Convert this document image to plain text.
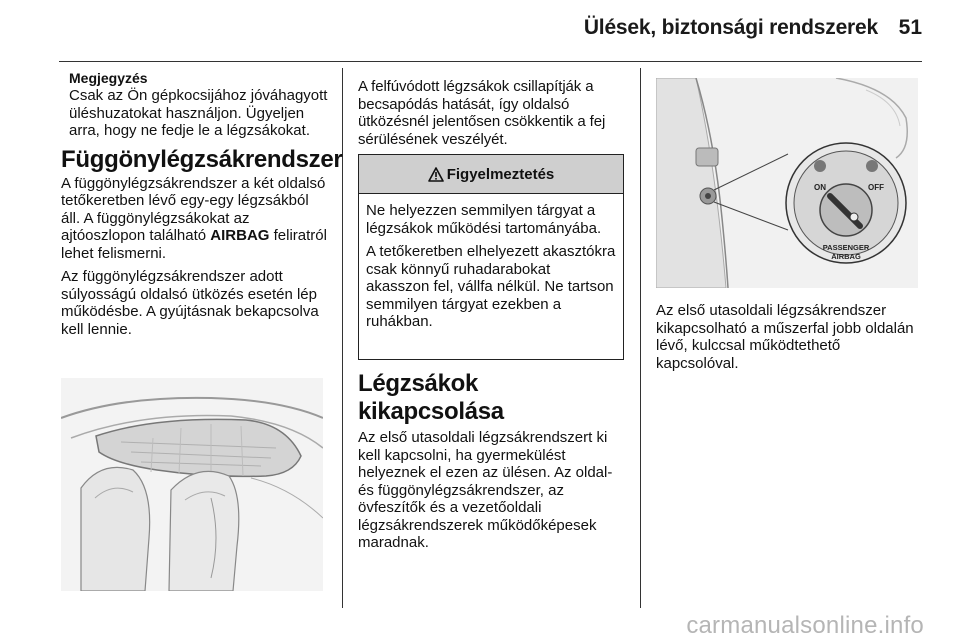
Ülések, biztonsági rendszerek 51
Megjegyzés
Csak az Ön gépkocsijához jóváhagyott üléshuzatokat használjon. Ügyeljen arra, hogy ne fedje le a légzsákokat.
Függönylégzsákrendszer

A függönylégzsákrendszer a két oldalsó tetőkeretben lévő egy-egy légzsákból áll. A függönylégzsákokat az ajtóoszlopon található AIRBAG feliratról lehet felismerni.

Az függönylégzsákrendszer adott súlyosságú oldalsó ütközés esetén lép működésbe. A gyújtásnak bekapcsolva kell lennie.

A felfúvódott légzsákok csillapítják a becsapódás hatását, így oldalsó ütközésnél jelentősen csökkentik a fej sérülésének veszélyét.

Figyelmeztetés

Ne helyezzen semmilyen tárgyat a légzsákok működési tartományába.

A tetőkeretben elhelyezett akasztókra csak könnyű ruhadarabokat akasszon fel, vállfa nélkül. Ne tartson semmilyen tárgyat ezekben a ruhákban.

Légzsákok kikapcsolása

Az első utasoldali légzsákrendszert ki kell kapcsolni, ha gyermekülést helyeznek el ezen az ülésen. Az oldal- és függönylégzsákrendszer, az övfeszítők és a vezetőoldali légzsákrendszerek működőképesek maradnak.

ON	OFF
PASSENGER
AIRBAG

Az első utasoldali légzsákrendszer kikapcsolható a műszerfal jobb oldalán lévő, kulccsal működtethető kapcsolóval.

carmanualsonline.info
